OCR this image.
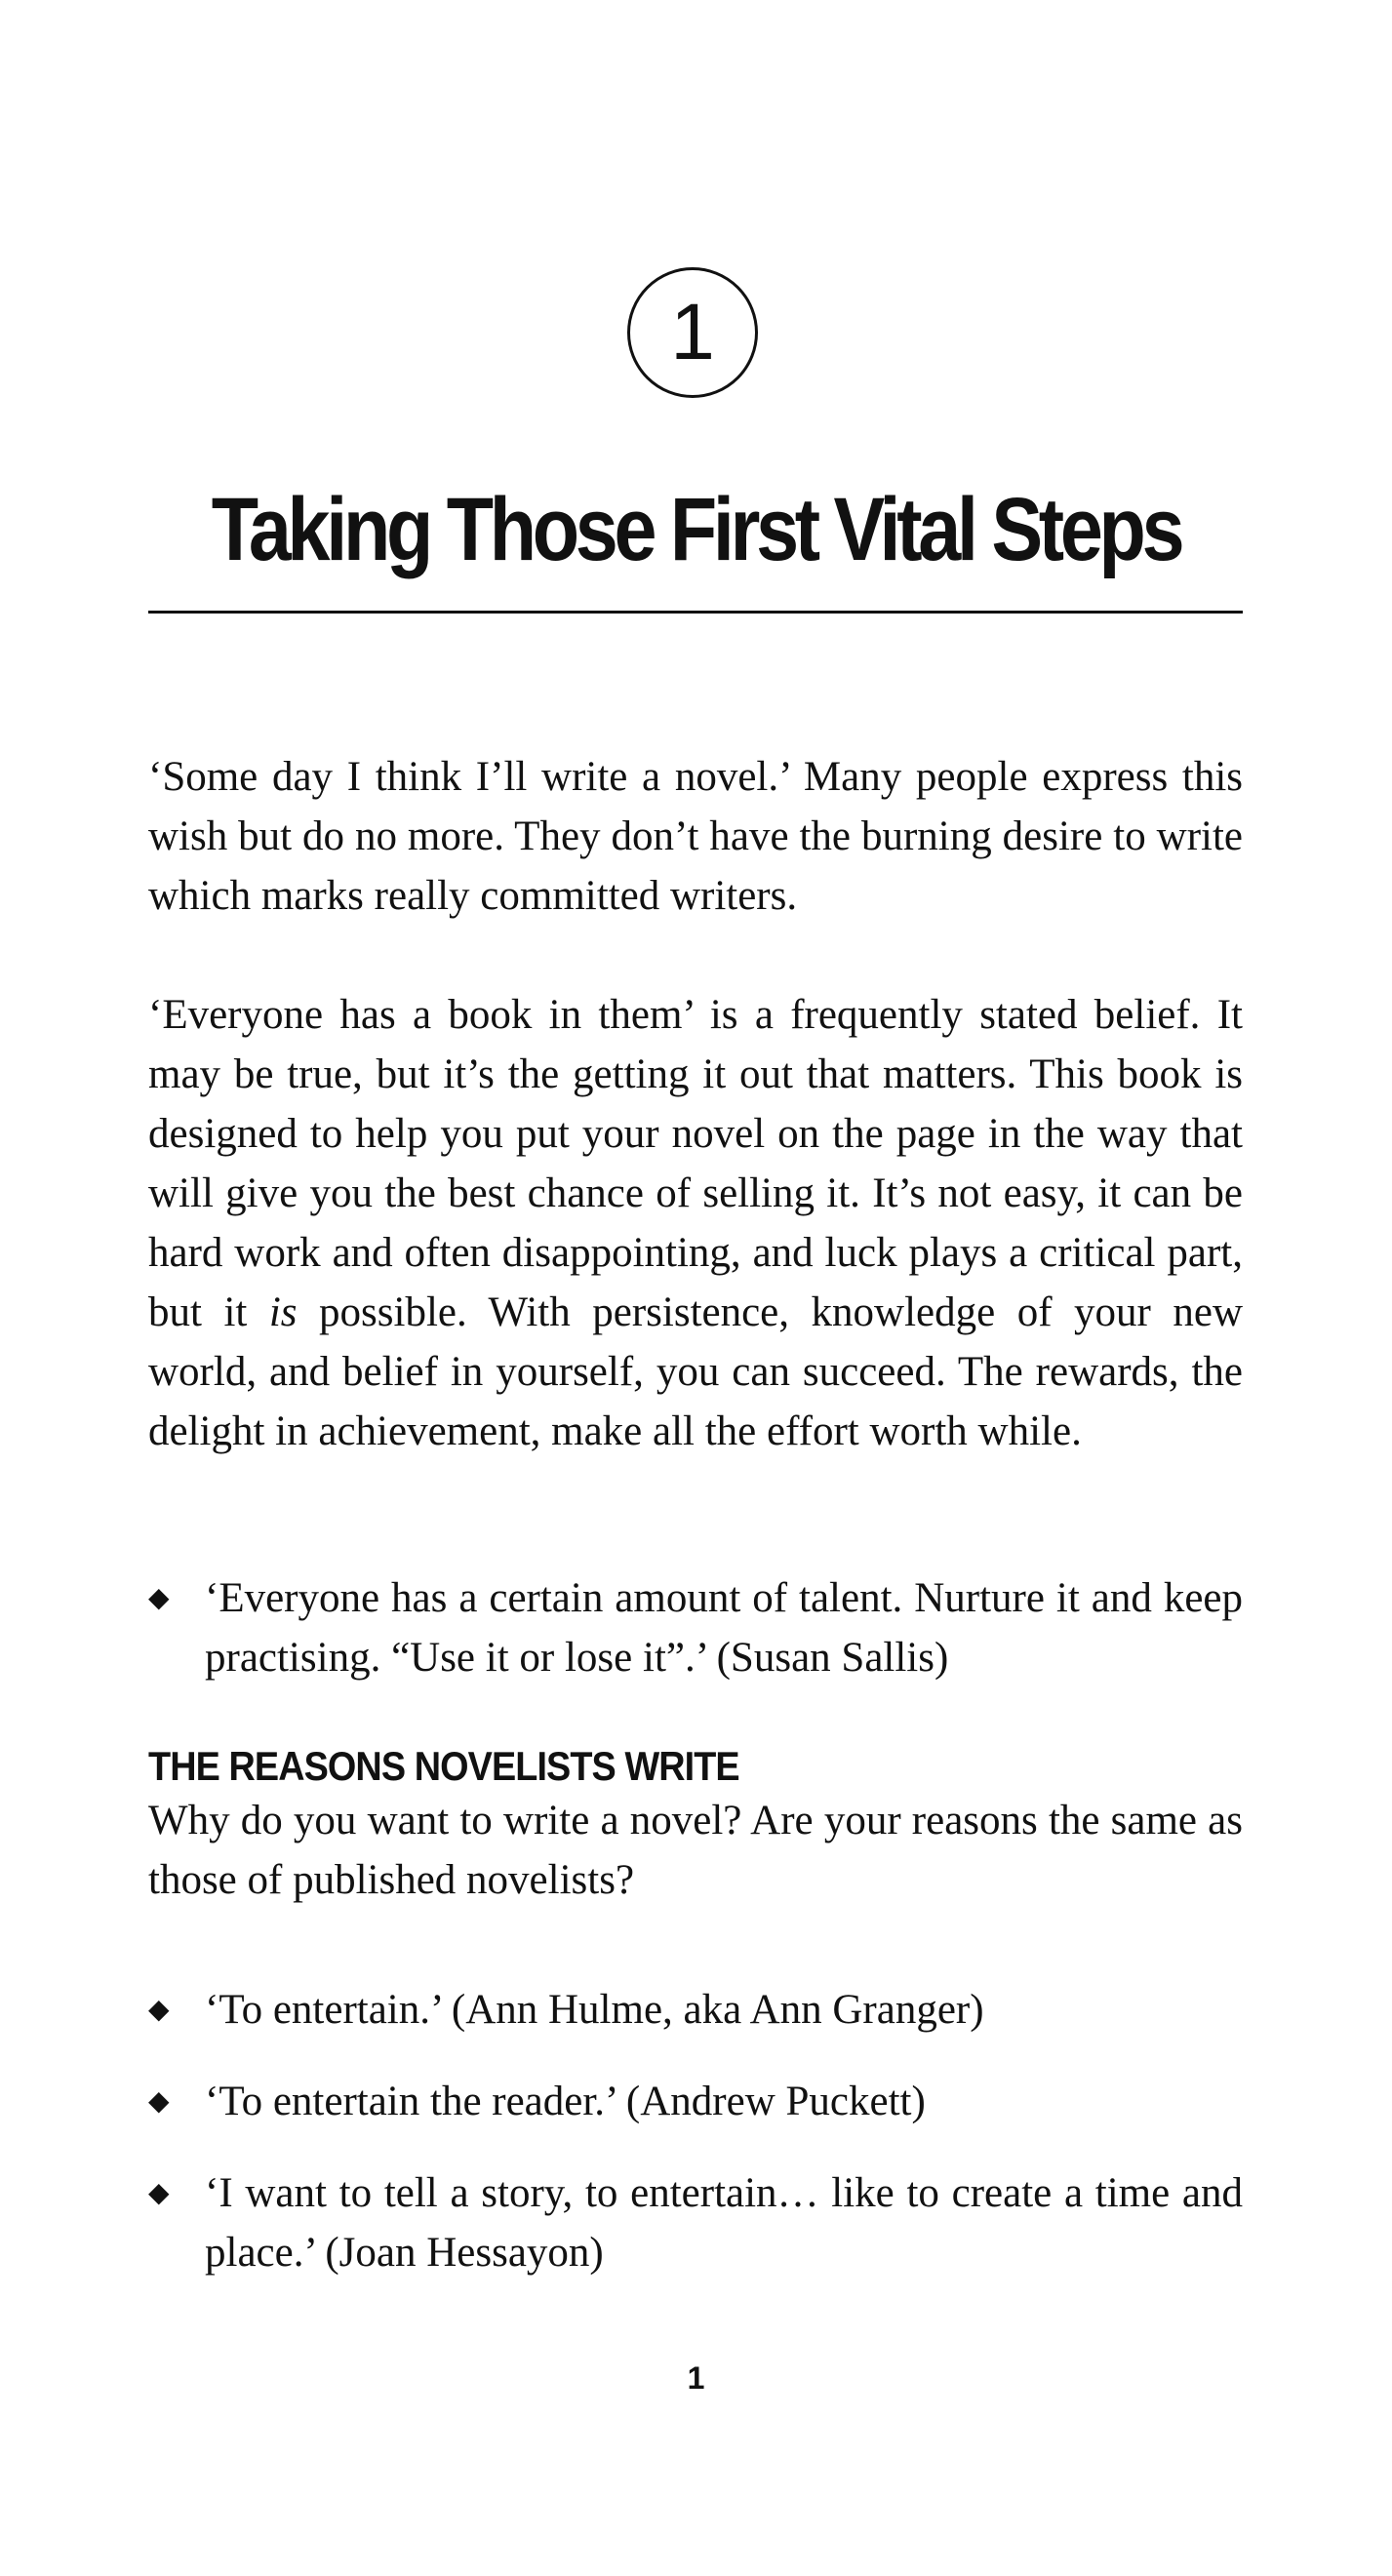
1
Taking Those First Vital Steps

‘Some day I think I’ll write a novel.’ Many people express this wish but do no more. They don’t have the burning desire to write which marks really committed writers.

‘Everyone has a book in them’ is a frequently stated belief. It may be true, but it’s the getting it out that matters. This book is designed to help you put your novel on the page in the way that will give you the best chance of selling it. It’s not easy, it can be hard work and often disappointing, and luck plays a critical part, but it is possible. With persistence, knowledge of your new world, and belief in yourself, you can succeed. The rewards, the delight in achievement, make all the effort worth while.

◆ ‘Everyone has a certain amount of talent. Nurture it and keep practising. “Use it or lose it”.’ (Susan Sallis)
THE REASONS NOVELISTS WRITE

Why do you want to write a novel? Are your reasons the same as those of published novelists?

◆ ‘To entertain.’ (Ann Hulme, aka Ann Granger)
◆ ‘To entertain the reader.’ (Andrew Puckett)
◆ ‘I want to tell a story, to entertain… like to create a time and place.’ (Joan Hessayon)
1
